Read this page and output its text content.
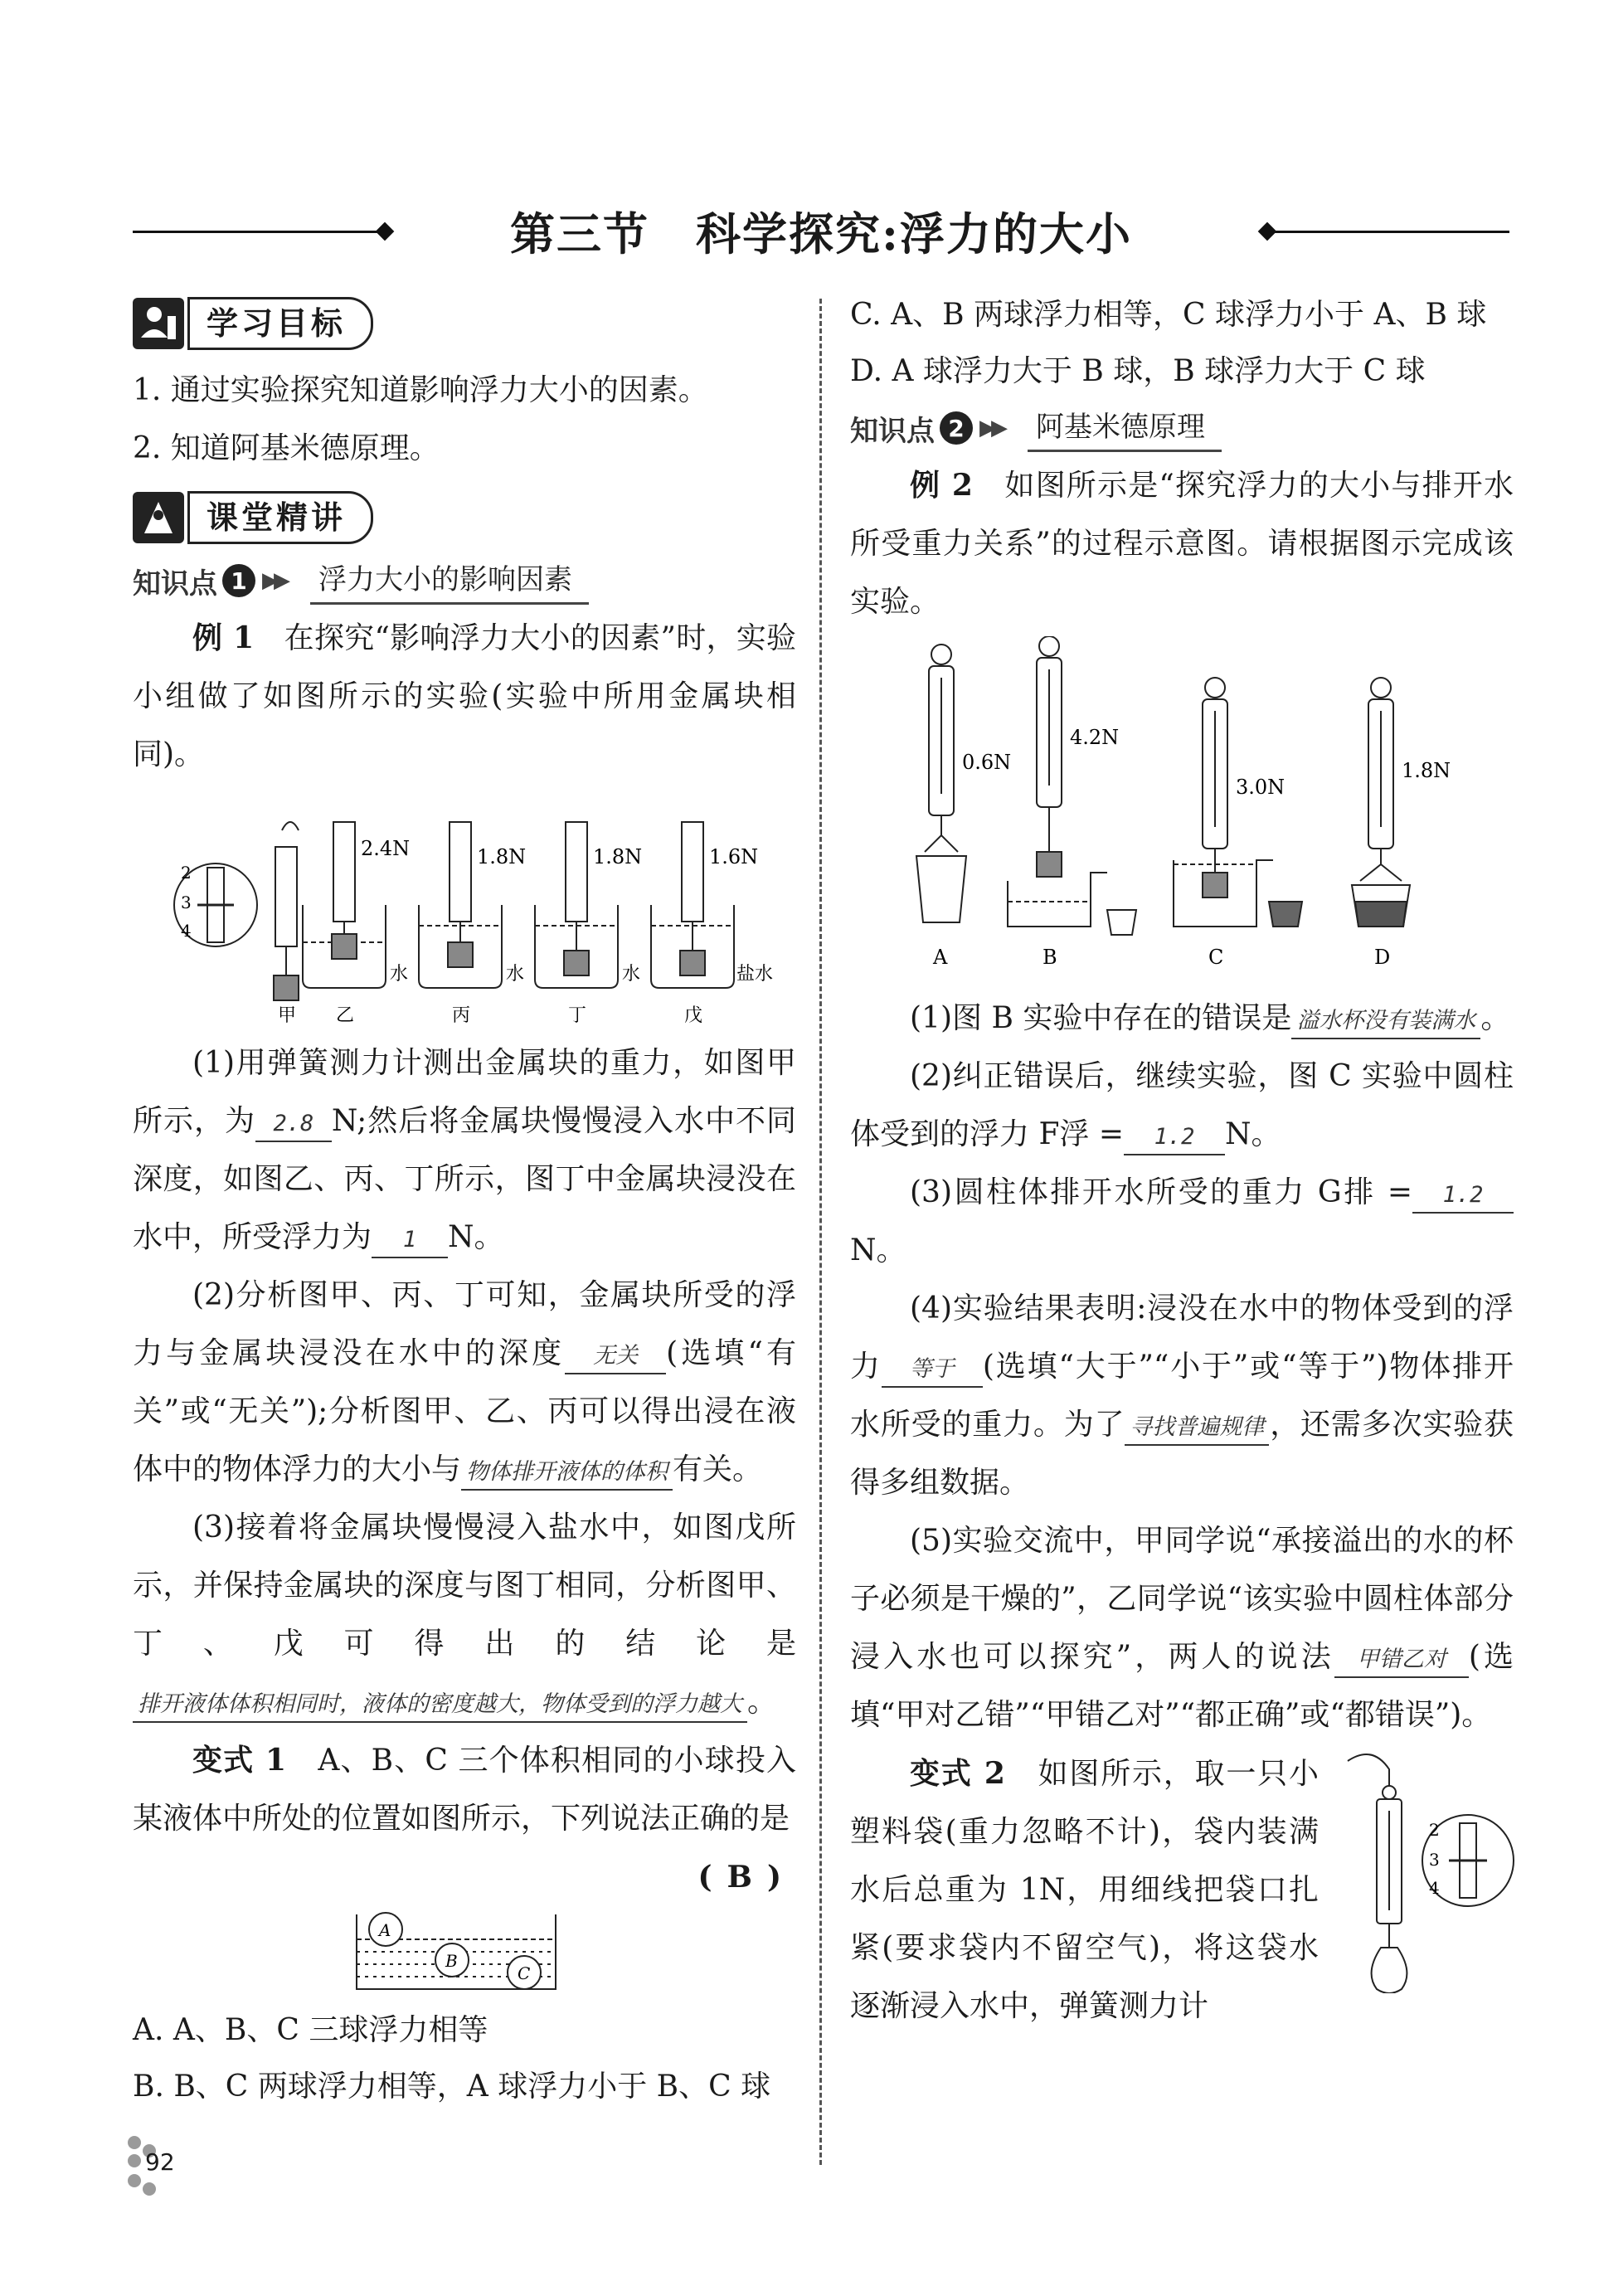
第三节　科学探究:浮力的大小
学习目标

1. 通过实验探究知道影响浮力大小的因素。

2. 知道阿基米德原理。

课堂精讲
知识点 1 ▶▶ 浮力大小的影响因素

例 1　 在探究“影响浮力大小的因素”时，实验小组做了如图所示的实验(实验中所用金属块相同)。

2
3
4
2.4N	1.8N	1.8N	1.6N
水	水	水	盐水
甲 乙	丙	丁	戊

(1)用弹簧测力计测出金属块的重力，如图甲所示，为 2.8 N;然后将金属块慢慢浸入水中不同深度，如图乙、丙、丁所示，图丁中金属块浸没在水中，所受浮力为 1 N。

(2)分析图甲、丙、丁可知，金属块所受的浮力与金属块浸没在水中的深度 无关 (选填“有关”或“无关”);分析图甲、乙、丙可以得出浸在液体中的物体浮力的大小与 物体排开液体的体积 有关。

(3)接着将金属块慢慢浸入盐水中，如图戊所示，并保持金属块的深度与图丁相同，分析图甲、丁、戊可得出的结论是排开液体体积相同时，液体的密度越大，物体受到的浮力越大 。

变式 1　 A、B、C 三个体积相同的小球投入某液体中所处的位置如图所示，下列说法正确的是
(B)

A
B
C

A. A、B、C 三球浮力相等

B. B、C 两球浮力相等，A 球浮力小于 B、C 球

C. A、B 两球浮力相等，C 球浮力小于 A、B 球

D. A 球浮力大于 B 球，B 球浮力大于 C 球

知识点 2 ▶▶ 阿基米德原理

例 2　 如图所示是“探究浮力的大小与排开水所受重力关系”的过程示意图。请根据图示完成该实验。

0.6N
4.2N
3.0N
1.8N
A	B	C	D

(1)图 B 实验中存在的错误是 溢水杯没有装满水 。

(2)纠正错误后，继续实验，图 C 实验中圆柱体受到的浮力 F浮 = 1.2 N。

(3)圆柱体排开水所受的重力 G排 = 1.2N。

(4)实验结果表明:浸没在水中的物体受到的浮力 等于 (选填“大于”“小于”或“等于”)物体排开水所受的重力。为了 寻找普遍规律 ，还需多次实验获得多组数据。

(5)实验交流中，甲同学说“承接溢出的水的杯子必须是干燥的”，乙同学说“该实验中圆柱体部分浸入水也可以探究”，两人的说法 甲错乙对 (选填“甲对乙错”“甲错乙对”“都正确”或“都错误”)。

变式 2　 如图所示，取一只小塑料袋(重力忽略不计)，袋内装满水后总重为 1N，用细线把袋口扎紧(要求袋内不留空气)，将这袋水逐渐浸入水中，弹簧测力计

2
3
4
92
